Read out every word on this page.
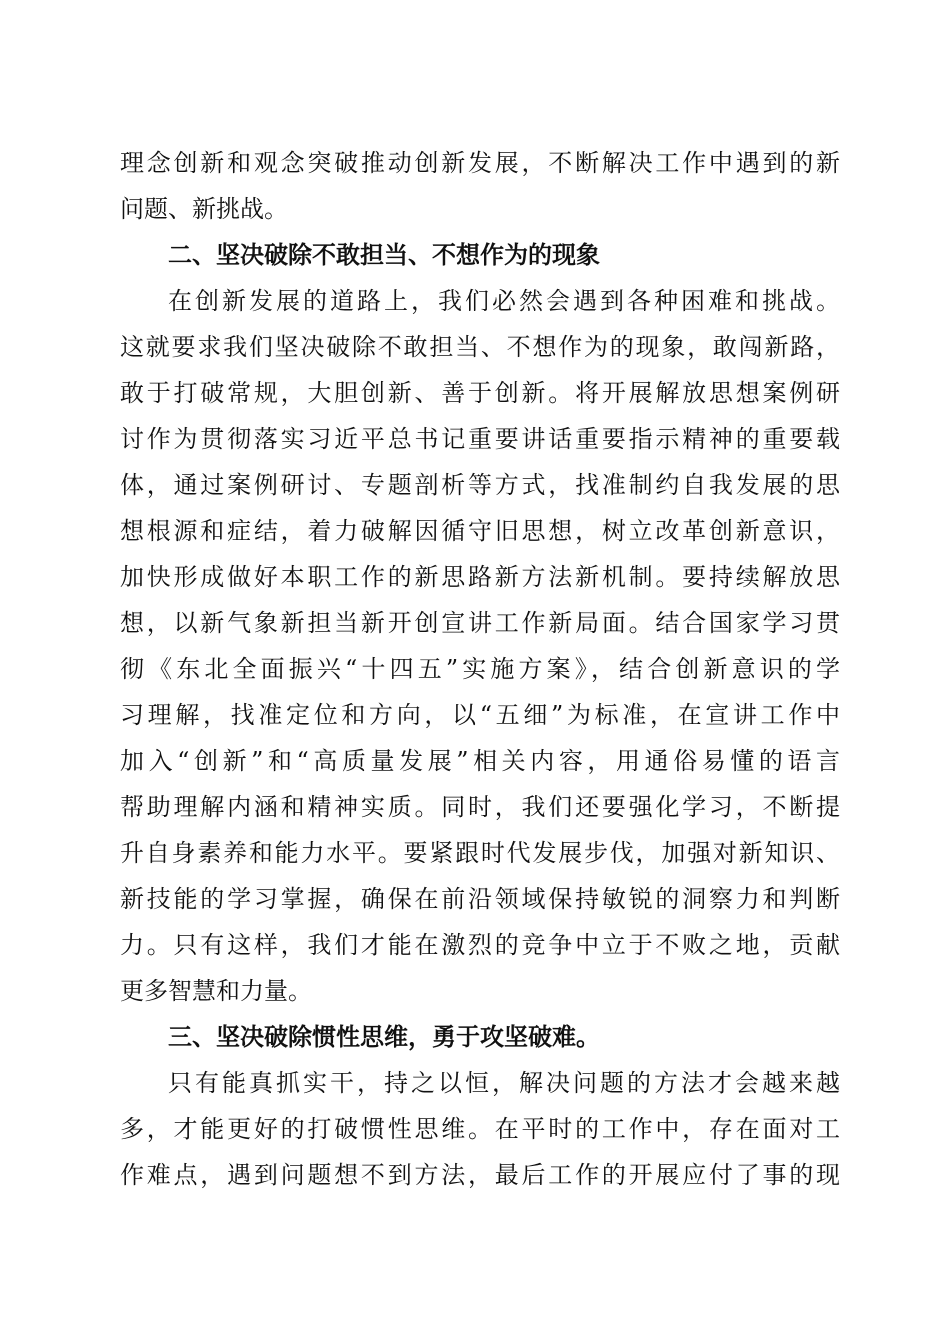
理念创新和观念突破推动创新发展，不断解决工作中遇到的新
问题、新挑战。
二、坚决破除不敢担当、不想作为的现象
在创新发展的道路上，我们必然会遇到各种困难和挑战。
这就要求我们坚决破除不敢担当、不想作为的现象，敢闯新路，
敢于打破常规，大胆创新、善于创新。将开展解放思想案例研
讨作为贯彻落实习近平总书记重要讲话重要指示精神的重要载
体，通过案例研讨、专题剖析等方式，找准制约自我发展的思
想根源和症结，着力破解因循守旧思想，树立改革创新意识，
加快形成做好本职工作的新思路新方法新机制。要持续解放思
想，以新气象新担当新开创宣讲工作新局面。结合国家学习贯
彻《东北全面振兴“十四五”实施方案》，结合创新意识的学
习理解，找准定位和方向，以“五细”为标准，在宣讲工作中
加入“创新”和“高质量发展”相关内容，用通俗易懂的语言
帮助理解内涵和精神实质。同时，我们还要强化学习，不断提
升自身素养和能力水平。要紧跟时代发展步伐，加强对新知识、
新技能的学习掌握，确保在前沿领域保持敏锐的洞察力和判断
力。只有这样，我们才能在激烈的竞争中立于不败之地，贡献
更多智慧和力量。
三、坚决破除惯性思维，勇于攻坚破难。
只有能真抓实干，持之以恒，解决问题的方法才会越来越
多，才能更好的打破惯性思维。在平时的工作中，存在面对工
作难点，遇到问题想不到方法，最后工作的开展应付了事的现
